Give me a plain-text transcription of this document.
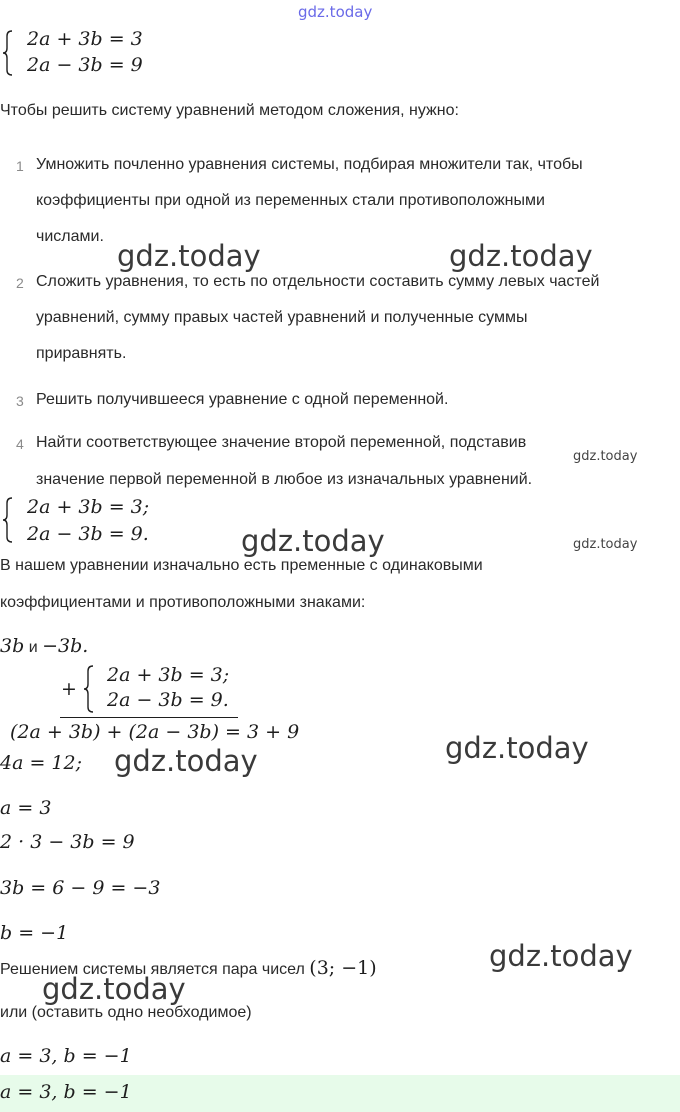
gdz.today
2a + 3b = 3
2a − 3b = 9
Чтобы решить систему уравнений методом сложения, нужно:
1 Умножить почленно уравнения системы, подбирая множители так, чтобы
коэффициенты при одной из переменных стали противоположными
числами.
2 Сложить уравнения, то есть по отдельности составить сумму левых частей
уравнений, сумму правых частей уравнений и полученные суммы
приравнять.
3 Решить получившееся уравнение с одной переменной.
4 Найти соответствующее значение второй переменной, подставив
значение первой переменной в любое из изначальных уравнений.
2a + 3b = 3;
2a − 3b = 9.
В нашем уравнении изначально есть пременные с одинаковыми
коэффициентами и противоположными знаками:
3b и −3b.
+
2a + 3b = 3;
2a − 3b = 9.
(2a + 3b) + (2a − 3b) = 3 + 9
4a = 12;
a = 3
2 · 3 − 3b = 9
3b = 6 − 9 = −3
b = −1
Решением системы является пара чисел (3; −1)
или (оставить одно необходимое)
a = 3, b = −1
a = 3, b = −1
gdz.today	gdz.today
gdz.today
gdz.today	gdz.today
gdz.today
gdz.today
gdz.today
gdz.today
